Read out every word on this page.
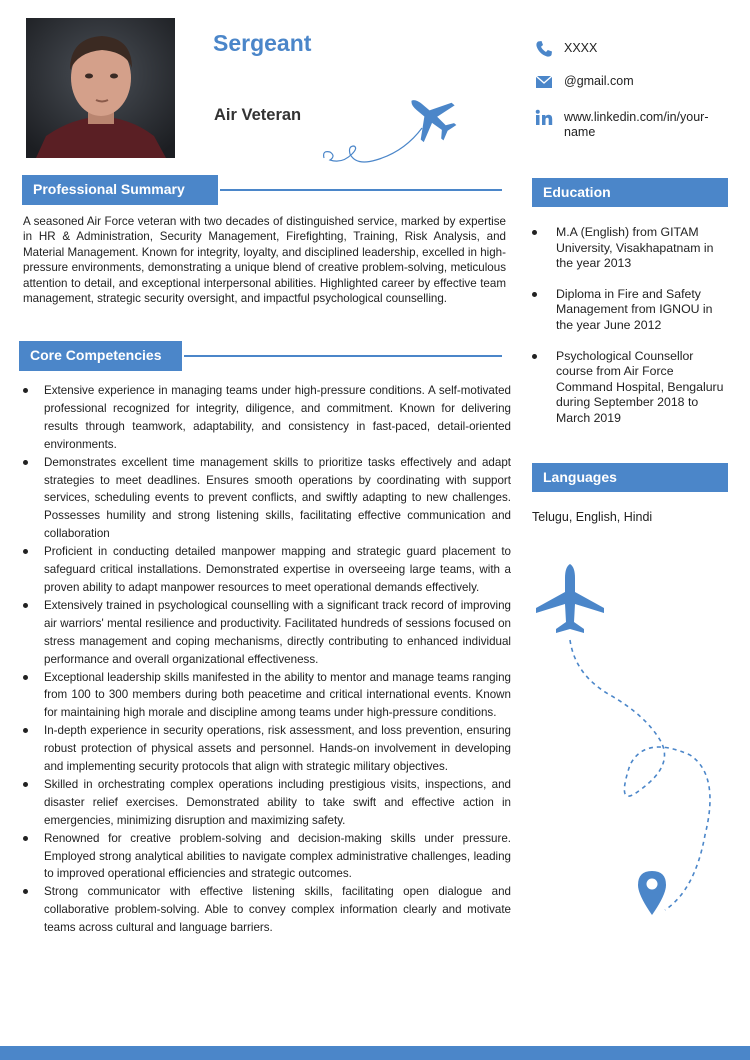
Sergeant
Air Veteran
XXXX
@gmail.com
www.linkedin.com/in/your-name
Professional Summary

A seasoned Air Force veteran with two decades of distinguished service, marked by expertise in HR & Administration, Security Management, Firefighting, Training, Risk Analysis, and Material Management. Known for integrity, loyalty, and disciplined leadership, excelled in high-pressure environments, demonstrating a unique blend of creative problem-solving, meticulous attention to detail, and exceptional interpersonal abilities. Highlighted career by effective team management, strategic security oversight, and impactful psychological counselling.

Core Competencies
Extensive experience in managing teams under high-pressure conditions. A self-motivated professional recognized for integrity, diligence, and commitment. Known for delivering results through teamwork, adaptability, and consistency in fast-paced, detail-oriented environments.
Demonstrates excellent time management skills to prioritize tasks effectively and adapt strategies to meet deadlines. Ensures smooth operations by coordinating with support services, scheduling events to prevent conflicts, and swiftly adapting to new challenges. Possesses humility and strong listening skills, facilitating effective communication and collaboration
Proficient in conducting detailed manpower mapping and strategic guard placement to safeguard critical installations. Demonstrated expertise in overseeing large teams, with a proven ability to adapt manpower resources to meet operational demands effectively.
Extensively trained in psychological counselling with a significant track record of improving air warriors' mental resilience and productivity. Facilitated hundreds of sessions focused on stress management and coping mechanisms, directly contributing to enhanced individual performance and overall organizational effectiveness.
Exceptional leadership skills manifested in the ability to mentor and manage teams ranging from 100 to 300 members during both peacetime and critical international events. Known for maintaining high morale and discipline among teams under high-pressure conditions.
In-depth experience in security operations, risk assessment, and loss prevention, ensuring robust protection of physical assets and personnel. Hands-on involvement in developing and implementing security protocols that align with strategic military objectives.
Skilled in orchestrating complex operations including prestigious visits, inspections, and disaster relief exercises. Demonstrated ability to take swift and effective action in emergencies, minimizing disruption and maximizing safety.
Renowned for creative problem-solving and decision-making skills under pressure. Employed strong analytical abilities to navigate complex administrative challenges, leading to improved operational efficiencies and strategic outcomes.
Strong communicator with effective listening skills, facilitating open dialogue and collaborative problem-solving. Able to convey complex information clearly and motivate teams across cultural and language barriers.
Education
M.A (English) from GITAM University, Visakhapatnam in the year 2013
Diploma in Fire and Safety Management from IGNOU in the year June 2012
Psychological Counsellor course from Air Force Command Hospital, Bengaluru during September 2018 to March 2019
Languages
Telugu, English, Hindi
